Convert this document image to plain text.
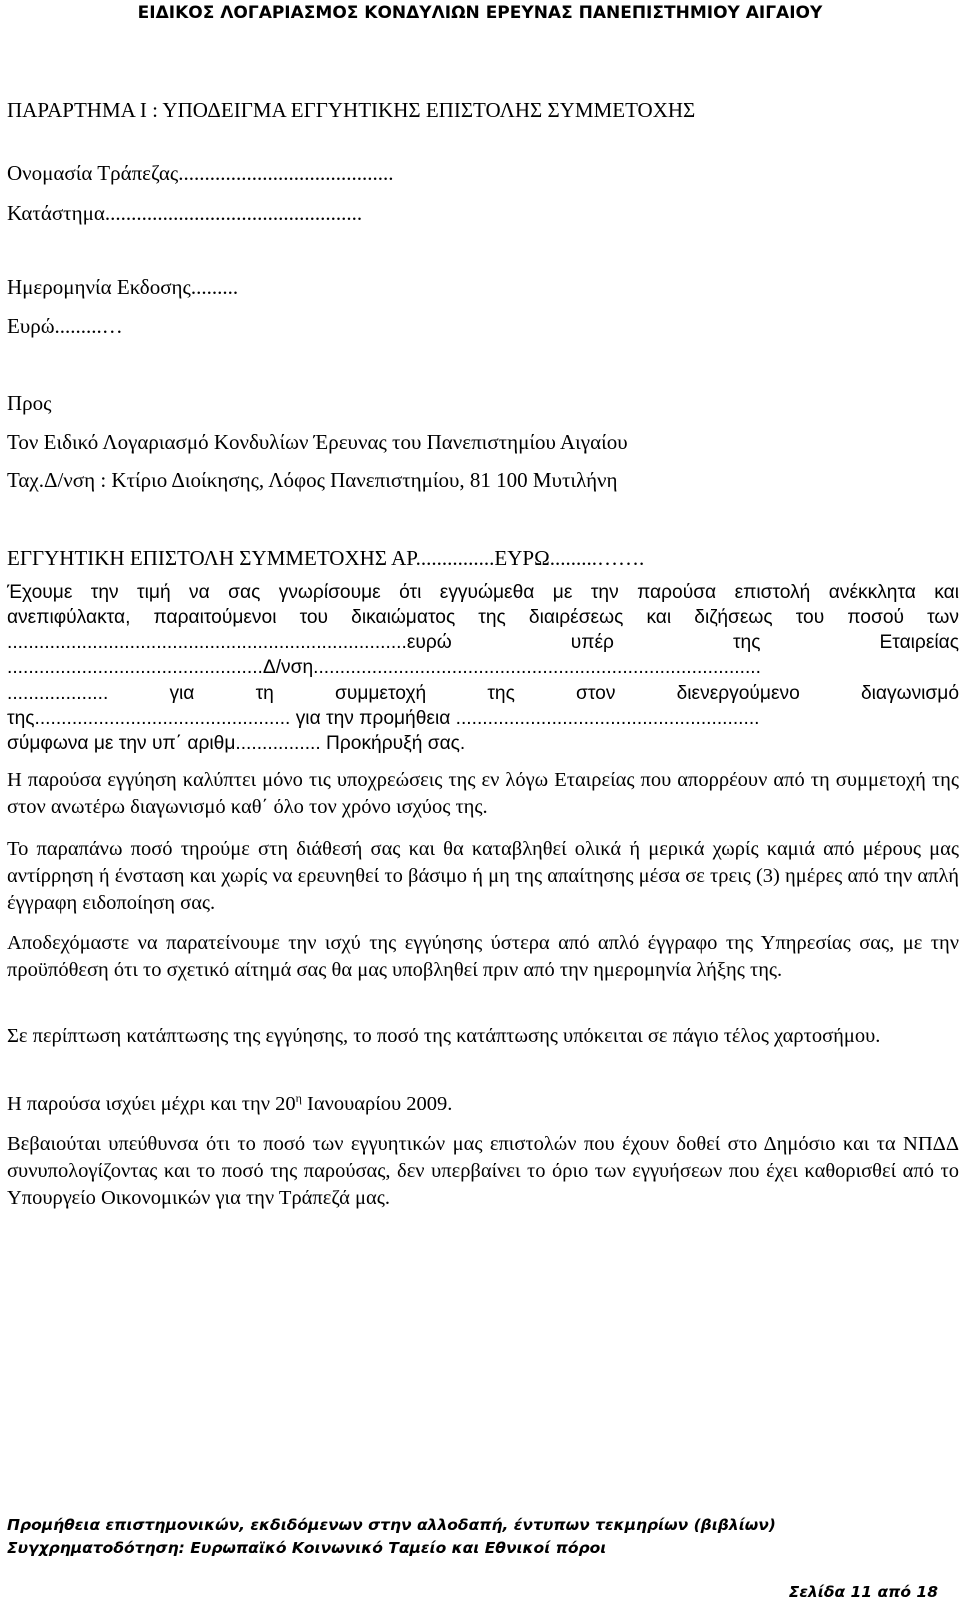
ΕΙΔΙΚΟΣ ΛΟΓΑΡΙΑΣΜΟΣ ΚΟΝΔΥΛΙΩΝ ΕΡΕΥΝΑΣ ΠΑΝΕΠΙΣΤΗΜΙΟΥ ΑΙΓΑΙΟΥ
ΠΑΡΑΡΤΗΜΑ Ι : ΥΠΟΔΕΙΓΜΑ ΕΓΓΥΗΤΙΚΗΣ ΕΠΙΣΤΟΛΗΣ ΣΥΜΜΕΤΟΧΗΣ
Ονομασία Τράπεζας.........................................
Κατάστημα.................................................
Ημερομηνία Εκδοσης.........
Ευρώ.........…
Προς
Τον Ειδικό Λογαριασμό Κονδυλίων Έρευνας του Πανεπιστημίου Αιγαίου
Ταχ.Δ/νση : Κτίριο Διοίκησης, Λόφος Πανεπιστημίου, 81 100 Μυτιλήνη
ΕΓΓΥΗΤΙΚΗ ΕΠΙΣΤΟΛΗ ΣΥΜΜΕΤΟΧΗΣ ΑΡ...............ΕΥΡΩ.........…….
Έχουμε την τιμή να σας γνωρίσουμε ότι εγγυώμεθα με την παρούσα επιστολή ανέκκλητα και
ανεπιφύλακτα, παραιτούμενοι του δικαιώματος της διαιρέσεως και διζήσεως του ποσού των
...........................................................................ευρώ υπέρ της Εταιρείας
................................................Δ/νση....................................................................................
................... για τη συμμετοχή της στον διενεργούμενο διαγωνισμό
της................................................ για την προμήθεια .........................................................
σύμφωνα με την υπ΄ αριθμ................ Προκήρυξή σας.
Η παρούσα εγγύηση καλύπτει μόνο τις υποχρεώσεις της εν λόγω Εταιρείας που απορρέουν από τη συμμετοχή της στον ανωτέρω διαγωνισμό καθ΄ όλο τον χρόνο ισχύος της.
Το παραπάνω ποσό τηρούμε στη διάθεσή σας και θα καταβληθεί ολικά ή μερικά χωρίς καμιά από μέρους μας αντίρρηση ή ένσταση και χωρίς να ερευνηθεί το βάσιμο ή μη της απαίτησης μέσα σε τρεις (3) ημέρες από την απλή έγγραφη ειδοποίηση σας.
Αποδεχόμαστε να παρατείνουμε την ισχύ της εγγύησης ύστερα από απλό έγγραφο της Υπηρεσίας σας, με την προϋπόθεση ότι το σχετικό αίτημά σας θα μας υποβληθεί πριν από την ημερομηνία λήξης της.
Σε περίπτωση κατάπτωσης της εγγύησης, το ποσό της κατάπτωσης υπόκειται σε πάγιο τέλος χαρτοσήμου.
Η παρούσα ισχύει μέχρι και την $20^\eta$ Ιανουαρίου 2009.
Βεβαιούται υπεύθυνσα ότι το ποσό των εγγυητικών μας επιστολών που έχουν δοθεί στο Δημόσιο και τα ΝΠΔΔ συνυπολογίζοντας και το ποσό της παρούσας, δεν υπερβαίνει το όριο των εγγυήσεων που έχει καθορισθεί από το Υπουργείο Οικονομικών για την Τράπεζά μας.
Προμήθεια επιστημονικών, εκδιδόμενων στην αλλοδαπή, έντυπων τεκμηρίων (βιβλίων)
Συγχρηματοδότηση: Ευρωπαϊκό Κοινωνικό Ταμείο και Εθνικοί πόροι
Σελίδα 11 από 18
